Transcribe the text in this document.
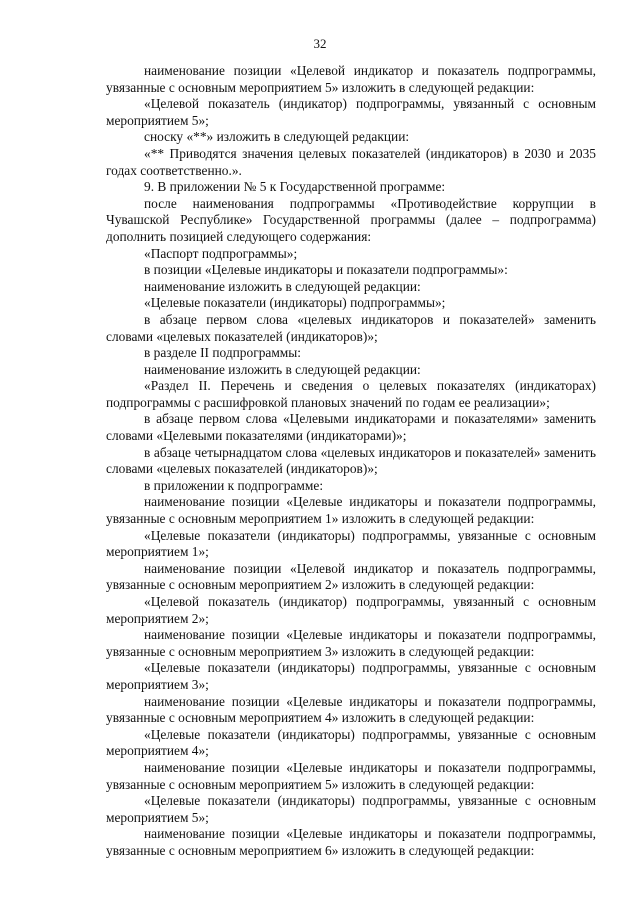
32

наименование позиции «Целевой индикатор и показатель подпрограммы, увязанные с основным мероприятием 5» изложить в следующей редакции:

«Целевой показатель (индикатор) подпрограммы, увязанный с основным мероприятием 5»;

сноску «**» изложить в следующей редакции:

«** Приводятся значения целевых показателей (индикаторов) в 2030 и 2035 годах соответственно.».

9. В приложении № 5 к Государственной программе:

после наименования подпрограммы «Противодействие коррупции в Чувашской Республике» Государственной программы (далее – подпрограмма) дополнить позицией следующего содержания:

«Паспорт подпрограммы»;

в позиции «Целевые индикаторы и показатели подпрограммы»:

наименование изложить в следующей редакции:

«Целевые показатели (индикаторы) подпрограммы»;

в абзаце первом слова «целевых индикаторов и показателей» заменить словами «целевых показателей (индикаторов)»;

в разделе II подпрограммы:

наименование изложить в следующей редакции:

«Раздел II. Перечень и сведения о целевых показателях (индикаторах) подпрограммы с расшифровкой плановых значений по годам ее реализации»;

в абзаце первом слова «Целевыми индикаторами и показателями» заменить словами «Целевыми показателями (индикаторами)»;

в абзаце четырнадцатом слова «целевых индикаторов и показателей» заменить словами «целевых показателей (индикаторов)»;

в приложении к подпрограмме:

наименование позиции «Целевые индикаторы и показатели подпрограммы, увязанные с основным мероприятием 1» изложить в следующей редакции:

«Целевые показатели (индикаторы) подпрограммы, увязанные с основным мероприятием 1»;

наименование позиции «Целевой индикатор и показатель подпрограммы, увязанные с основным мероприятием 2» изложить в следующей редакции:

«Целевой показатель (индикатор) подпрограммы, увязанный с основным мероприятием 2»;

наименование позиции «Целевые индикаторы и показатели подпрограммы, увязанные с основным мероприятием 3» изложить в следующей редакции:

«Целевые показатели (индикаторы) подпрограммы, увязанные с основным мероприятием 3»;

наименование позиции «Целевые индикаторы и показатели подпрограммы, увязанные с основным мероприятием 4» изложить в следующей редакции:

«Целевые показатели (индикаторы) подпрограммы, увязанные с основным мероприятием 4»;

наименование позиции «Целевые индикаторы и показатели подпрограммы, увязанные с основным мероприятием 5» изложить в следующей редакции:

«Целевые показатели (индикаторы) подпрограммы, увязанные с основным мероприятием 5»;

наименование позиции «Целевые индикаторы и показатели подпрограммы, увязанные с основным мероприятием 6» изложить в следующей редакции:
